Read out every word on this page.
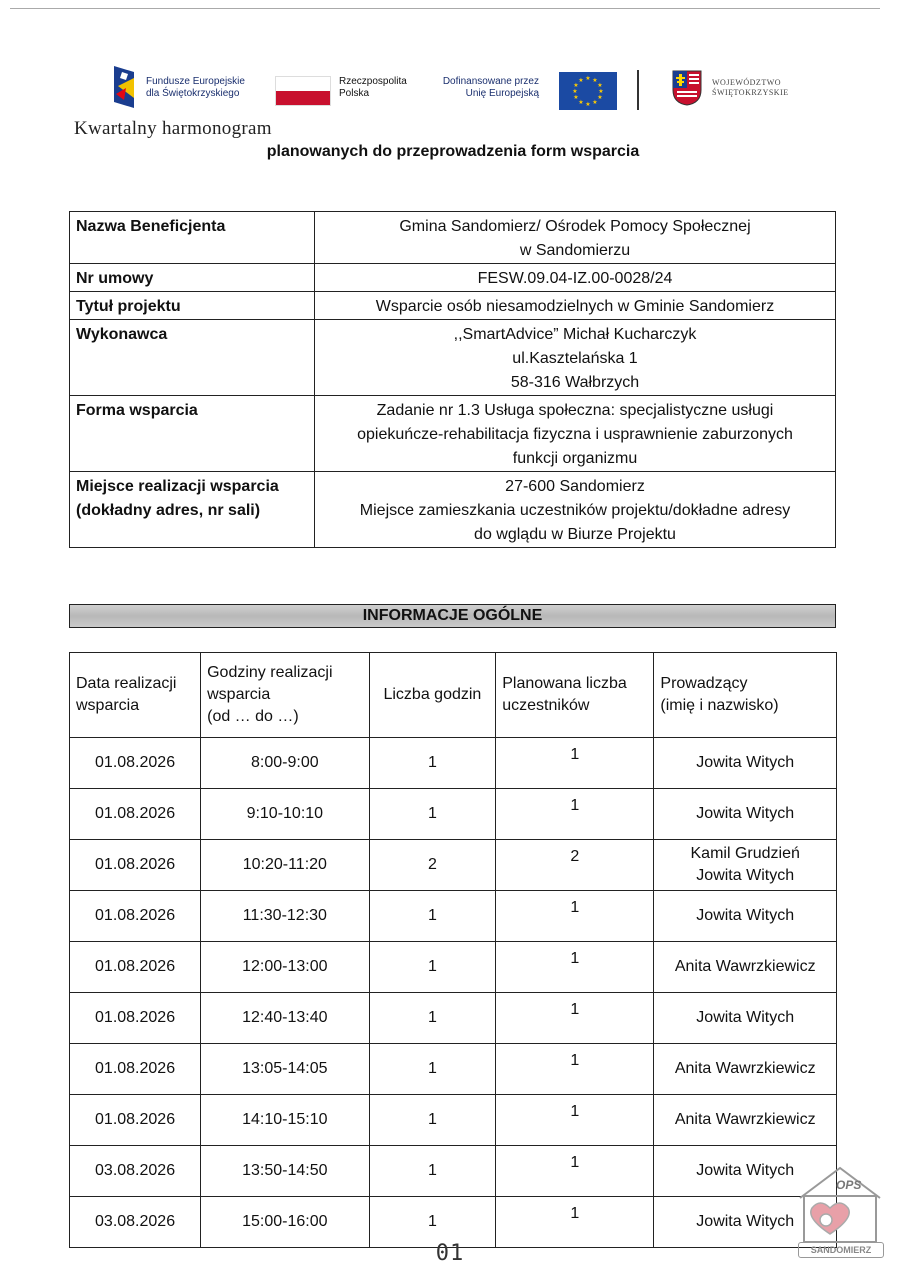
Fundusze Europejskie
dla Świętokrzyskiego
Rzeczpospolita
Polska
Dofinansowane przez
Unię Europejską
★ ★
★
★
★
★
★
★
★
★
★
★	WOJEWÓDZTWO
ŚWIĘTOKRZYSKIE
Kwartalny harmonogram
planowanych do przeprowadzenia form wsparcia
Nazwa Beneficjenta	Gmina Sandomierz/ Ośrodek Pomocy Społecznej
w Sandomierzu
Nr umowy	FESW.09.04-IZ.00-0028/24
Tytuł projektu	Wsparcie osób niesamodzielnych w Gminie Sandomierz
Wykonawca	,,SmartAdvice” Michał Kucharczyk
ul.Kasztelańska 1
58-316 Wałbrzych
Forma wsparcia	Zadanie nr 1.3 Usługa społeczna: specjalistyczne usługi
opiekuńcze-rehabilitacja fizyczna i usprawnienie zaburzonych
funkcji organizmu
Miejsce realizacji wsparcia
(dokładny adres, nr sali)	27-600 Sandomierz
Miejsce zamieszkania uczestników projektu/dokładne adresy
do wglądu w Biurze Projektu
INFORMACJE OGÓLNE
Data realizacji
wsparcia	Godziny realizacji
wsparcia
(od … do …)	Liczba godzin	Planowana liczba
uczestników	Prowadzący
(imię i nazwisko)
01.08.2026	8:00-9:00	1	1	Jowita Witych
01.08.2026	9:10-10:10	1	1	Jowita Witych
01.08.2026	10:20-11:20	2	2	Kamil Grudzień
Jowita Witych
01.08.2026	11:30-12:30	1	1	Jowita Witych
01.08.2026	12:00-13:00	1	1	Anita Wawrzkiewicz
01.08.2026	12:40-13:40	1	1	Jowita Witych
01.08.2026	13:05-14:05	1	1	Anita Wawrzkiewicz
01.08.2026	14:10-15:10	1	1	Anita Wawrzkiewicz
03.08.2026	13:50-14:50	1	1	Jowita Witych
03.08.2026	15:00-16:00	1	1	Jowita Witych
01
OPS
SANDOMIERZ
